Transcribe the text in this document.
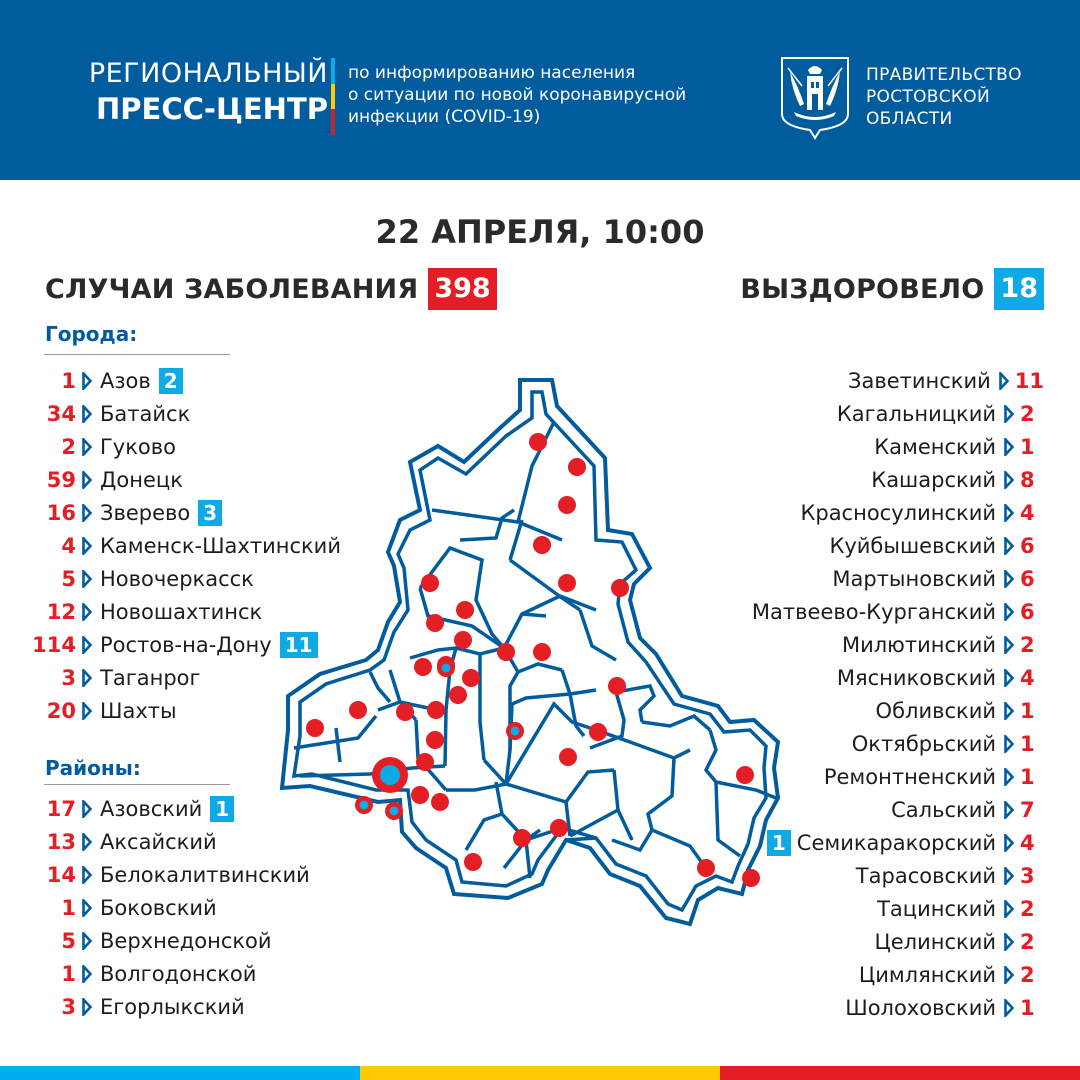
РЕГИОНАЛЬНЫЙ
ПРЕСС-ЦЕНТР
по информированию населения
о ситуации по новой коронавирусной
инфекции (COVID-19)
ПРАВИТЕЛЬСТВО
РОСТОВСКОЙ
ОБЛАСТИ
22 АПРЕЛЯ, 10:00
СЛУЧАИ ЗАБОЛЕВАНИЯ 398	ВЫЗДОРОВЕЛО 18
Города:
1 Азов 2
34 Батайск
2 Гуково
59 Донецк
16 Зверево 3
4 Каменск-Шахтинский
5 Новочеркасск
12 Новошахтинск
114 Ростов-на-Дону 11
3 Таганрог
20 Шахты
Районы:
17 Азовский 1
13 Аксайский
14 Белокалитвинский
1 Боковский
5 Верхнедонской
1 Волгодонской
3 Егорлыкский
Заветинский 11
Кагальницкий 2
Каменский 1
Кашарский 8
Красносулинский 4
Куйбышевский 6
Мартыновский 6
Матвеево-Курганский 6
Милютинский 2
Мясниковский 4
Обливский 1
Октябрьский 1
Ремонтненский 1
Сальский 7
1 Семикаракорский 4
Тарасовский 3
Тацинский 2
Целинский 2
Цимлянский 2
Шолоховский 1
